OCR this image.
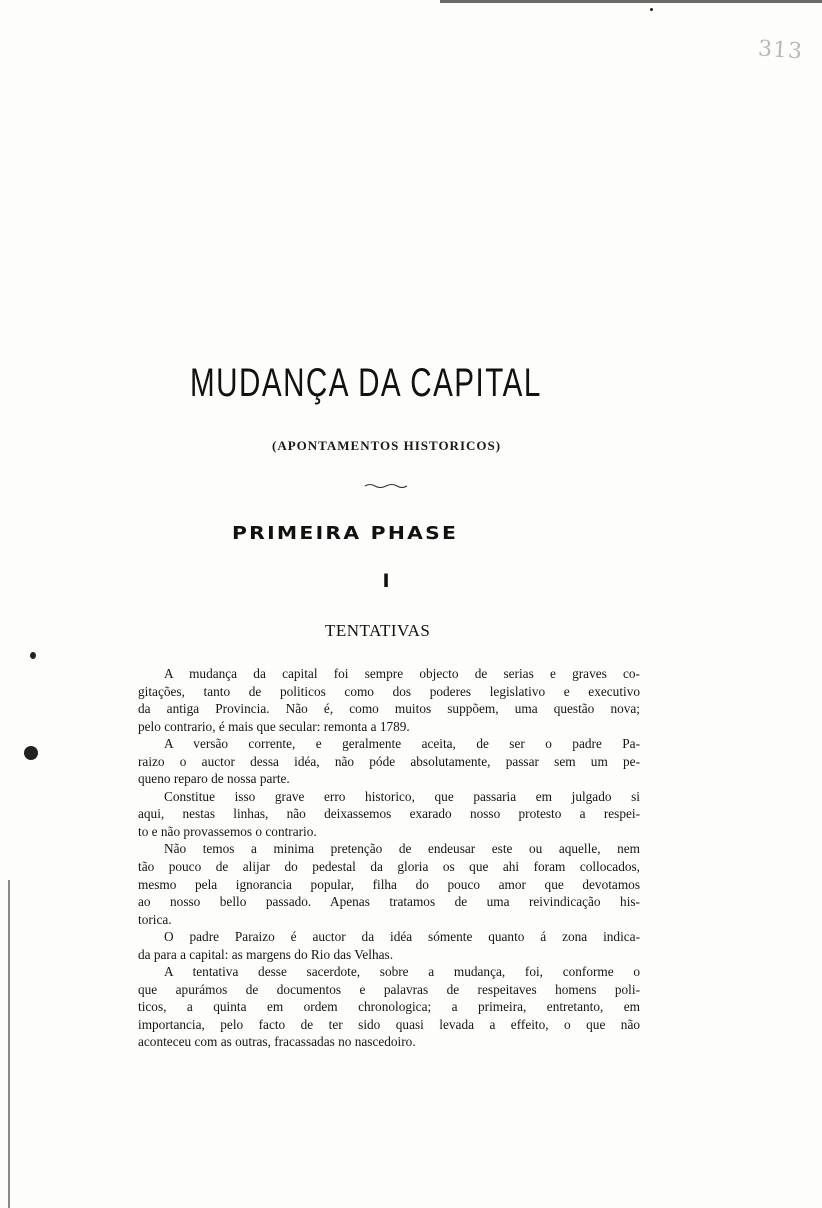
313
MUDANÇA DA CAPITAL
(APONTAMENTOS HISTORICOS)
PRIMEIRA PHASE
I
TENTATIVAS
A mudança da capital foi sempre objecto de serias e graves co-
gitações, tanto de politicos como dos poderes legislativo e executivo
da antiga Provincia. Não é, como muitos suppõem, uma questão nova;
pelo contrario, é mais que secular: remonta a 1789.
A versão corrente, e geralmente aceita, de ser o padre Pa-
raizo o auctor dessa idéa, não póde absolutamente, passar sem um pe-
queno reparo de nossa parte.
Constitue isso grave erro historico, que passaria em julgado si
aqui, nestas linhas, não deixassemos exarado nosso protesto a respei-
to e não provassemos o contrario.
Não temos a minima pretenção de endeusar este ou aquelle, nem
tão pouco de alijar do pedestal da gloria os que ahi foram collocados,
mesmo pela ignorancia popular, filha do pouco amor que devotamos
ao nosso bello passado. Apenas tratamos de uma reivindicação his-
torica.
O padre Paraizo é auctor da idéa sómente quanto á zona indica-
da para a capital: as margens do Rio das Velhas.
A tentativa desse sacerdote, sobre a mudança, foi, conforme o
que apurámos de documentos e palavras de respeitaves homens poli-
ticos, a quinta em ordem chronologica; a primeira, entretanto, em
importancia, pelo facto de ter sido quasi levada a effeito, o que não
aconteceu com as outras, fracassadas no nascedoiro.
